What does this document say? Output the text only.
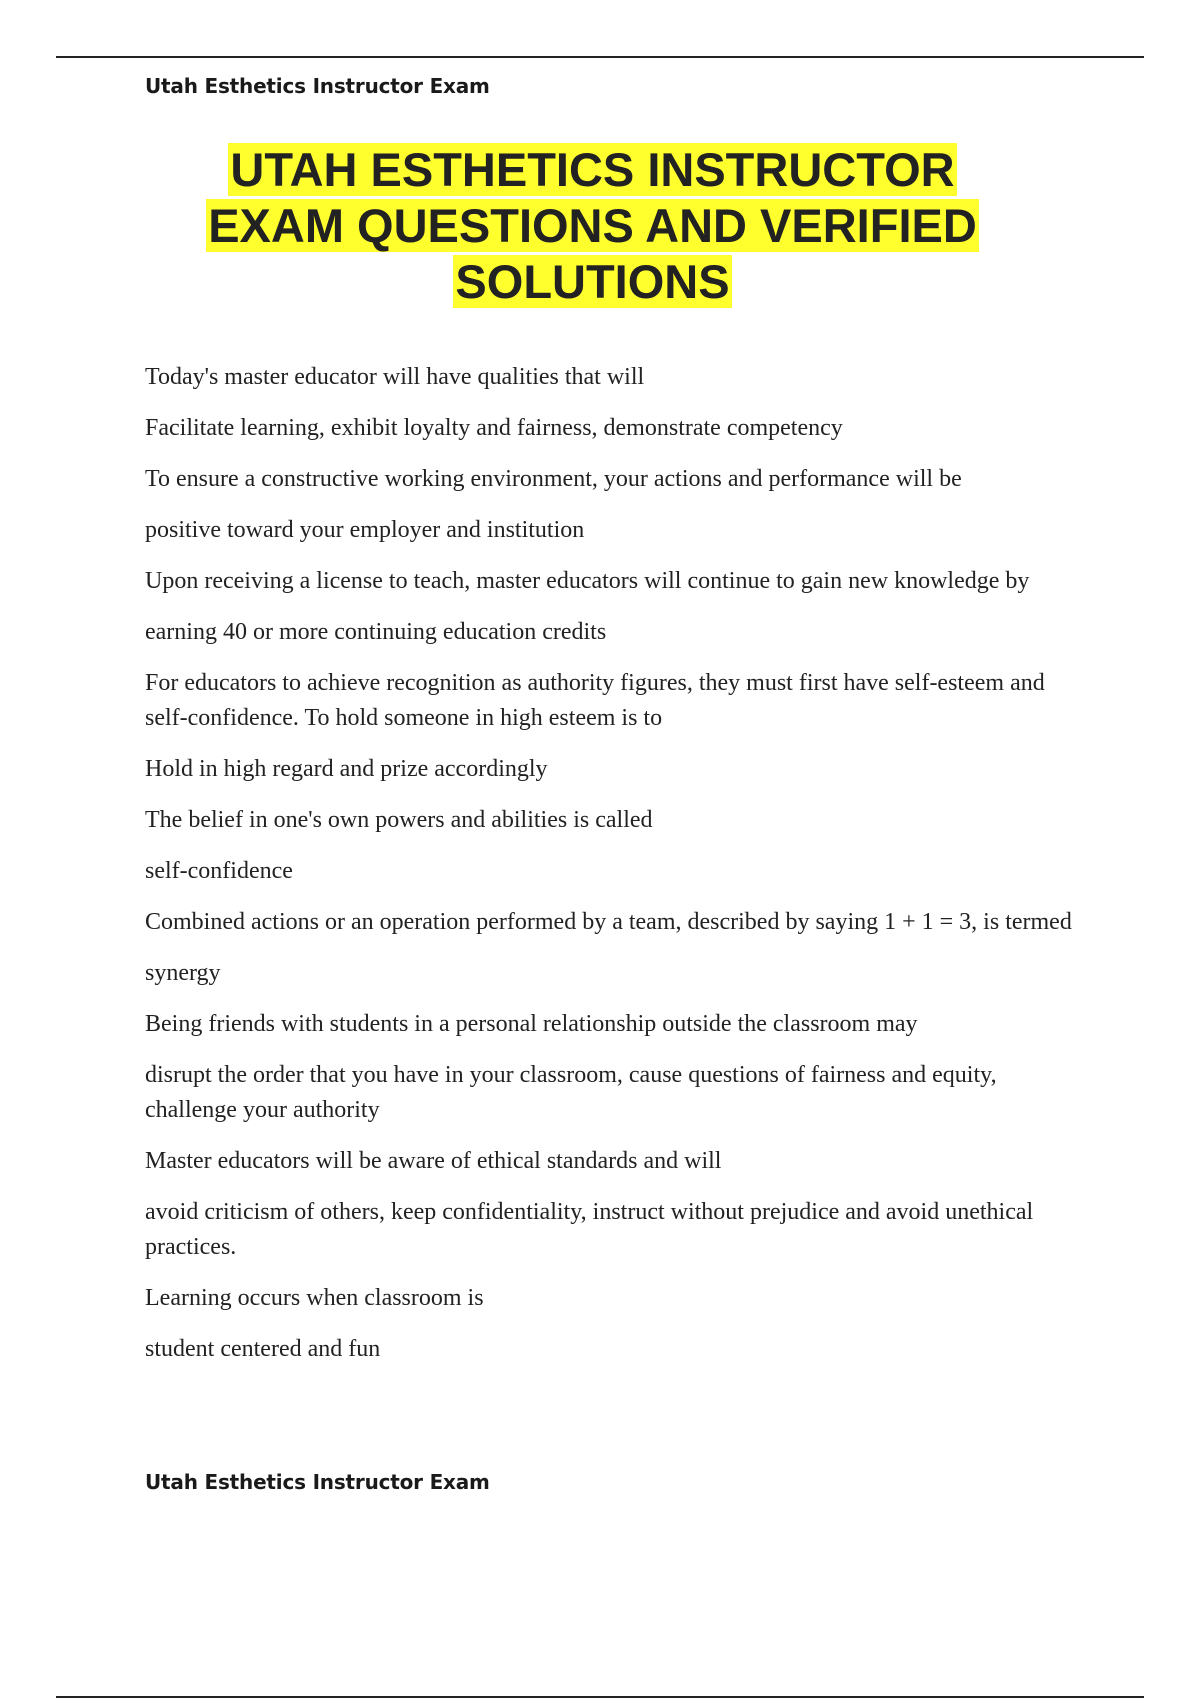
Utah Esthetics Instructor Exam
UTAH ESTHETICS INSTRUCTOR
EXAM QUESTIONS AND VERIFIED
SOLUTIONS

Today's master educator will have qualities that will

Facilitate learning, exhibit loyalty and fairness, demonstrate competency

To ensure a constructive working environment, your actions and performance will be

positive toward your employer and institution

Upon receiving a license to teach, master educators will continue to gain new knowledge by

earning 40 or more continuing education credits

For educators to achieve recognition as authority figures, they must first have self-esteem and self-confidence. To hold someone in high esteem is to

Hold in high regard and prize accordingly

The belief in one's own powers and abilities is called

self-confidence

Combined actions or an operation performed by a team, described by saying 1 + 1 = 3, is termed

synergy

Being friends with students in a personal relationship outside the classroom may

disrupt the order that you have in your classroom, cause questions of fairness and equity, challenge your authority

Master educators will be aware of ethical standards and will

avoid criticism of others, keep confidentiality, instruct without prejudice and avoid unethical practices.

Learning occurs when classroom is

student centered and fun

Utah Esthetics Instructor Exam
